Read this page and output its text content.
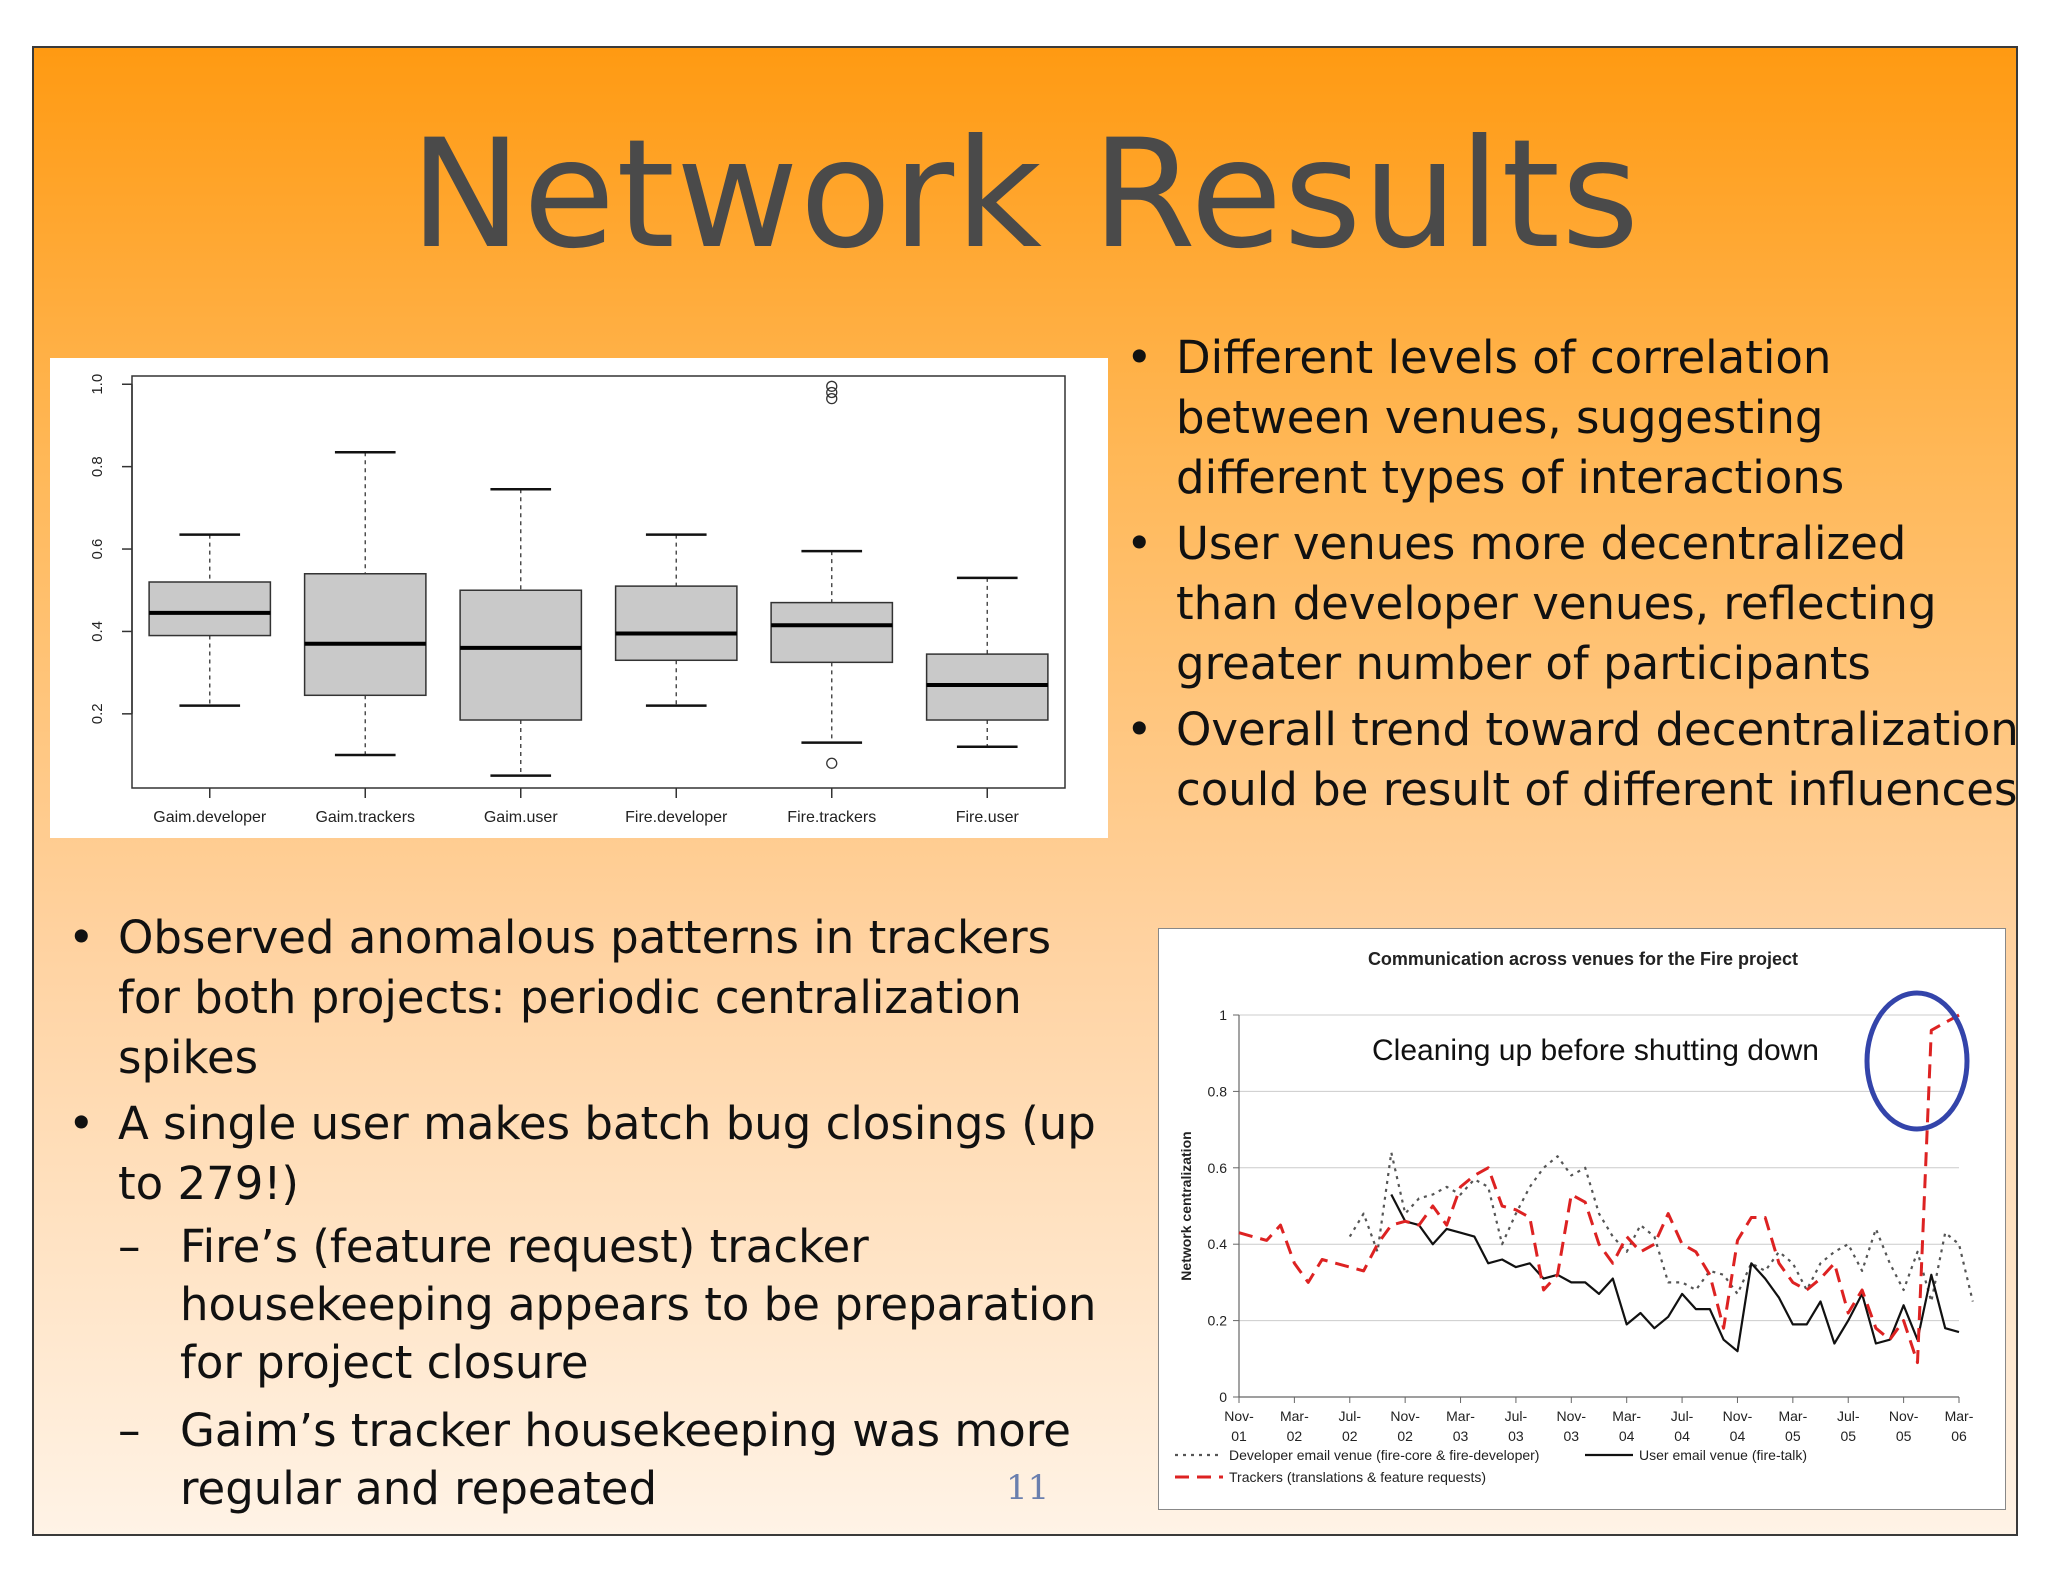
Network Results
• Different levels of correlation between venues, suggesting different types of interactions
• User venues more decentralized than developer venues, reflecting greater number of participants
• Overall trend toward decentralization could be result of different influences
• Observed anomalous patterns in trackers for both projects: periodic centralization spikes
• A single user makes batch bug closings (up to 279!)
– Fire’s (feature request) tracker housekeeping appears to be preparation for project closure
– Gaim’s tracker housekeeping was more regular and repeated
0.2
0.4
0.6
0.8
1.0
Gaim.developer	Gaim.trackers	Gaim.user	Fire.developer	Fire.trackers	Fire.user
Communication across venues for the Fire project
Network centralization
0
0.2
0.4
0.6
0.8
1
Nov-
01
Mar-
02
Jul-
02
Nov-
02
Mar-
03
Jul-
03
Nov-
03
Mar-
04
Jul-
04
Nov-
04
Mar-
05
Jul-
05
Nov-
05
Mar-
06
Cleaning up before shutting down
Developer email venue (fire-core & fire-developer)	User email venue (fire-talk)
Trackers (translations & feature requests)
11
